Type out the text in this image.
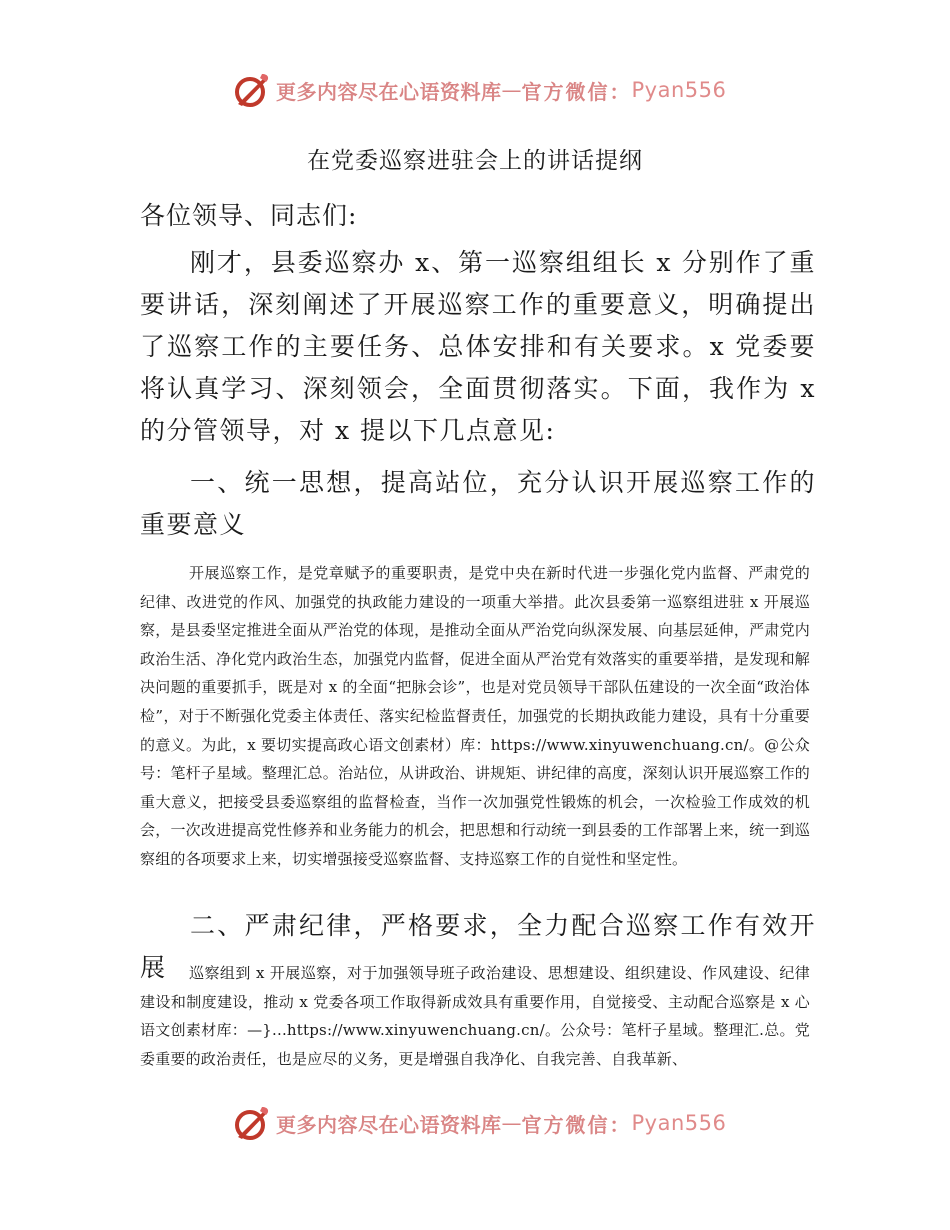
更多内容尽在心语资料库 — 官方微信： Pyan556
在党委巡察进驻会上的讲话提纲
各位领导、同志们:

刚才，县委巡察办 x、第一巡察组组长 x 分别作了重要讲话，深刻阐述了开展巡察工作的重要意义，明确提出了巡察工作的主要任务、总体安排和有关要求。x 党委要将认真学习、深刻领会，全面贯彻落实。下面，我作为 x 的分管领导，对 x 提以下几点意见:

一、统一思想，提高站位，充分认识开展巡察工作的重要意义

开展巡察工作，是党章赋予的重要职责，是党中央在新时代进一步强化党内监督、严肃党的纪律、改进党的作风、加强党的执政能力建设的一项重大举措。此次县委第一巡察组进驻 x 开展巡察，是县委坚定推进全面从严治党的体现，是推动全面从严治党向纵深发展、向基层延伸，严肃党内政治生活、净化党内政治生态，加强党内监督，促进全面从严治党有效落实的重要举措，是发现和解决问题的重要抓手，既是对 x 的全面“把脉会诊”，也是对党员领导干部队伍建设的一次全面“政治体检”，对于不断强化党委主体责任、落实纪检监督责任，加强党的长期执政能力建设，具有十分重要的意义。为此，x 要切实提高政心语文创素材）库：https://www.xinyuwenchuang.cn/。@公众号：笔杆子星域。整理汇总。治站位，从讲政治、讲规矩、讲纪律的高度，深刻认识开展巡察工作的重大意义，把接受县委巡察组的监督检查，当作一次加强党性锻炼的机会，一次检验工作成效的机会，一次改进提高党性修养和业务能力的机会，把思想和行动统一到县委的工作部署上来，统一到巡察组的各项要求上来，切实增强接受巡察监督、支持巡察工作的自觉性和坚定性。

二、严肃纪律，严格要求，全力配合巡察工作有效开展	巡察组到 x 开展巡察，对于加强领导班子政治建设、思想建设、组织建设、作风建设、纪律建设和制度建设，推动 x 党委各项工作取得新成效具有重要作用，自觉接受、主动配合巡察是 x 心语文创素材库：—}...https://www.xinyuwenchuang.cn/。公众号：笔杆子星域。整理汇.总。党委重要的政治责任，也是应尽的义务，更是增强自我净化、自我完善、自我革新、

更多内容尽在心语资料库 — 官方微信： Pyan556
